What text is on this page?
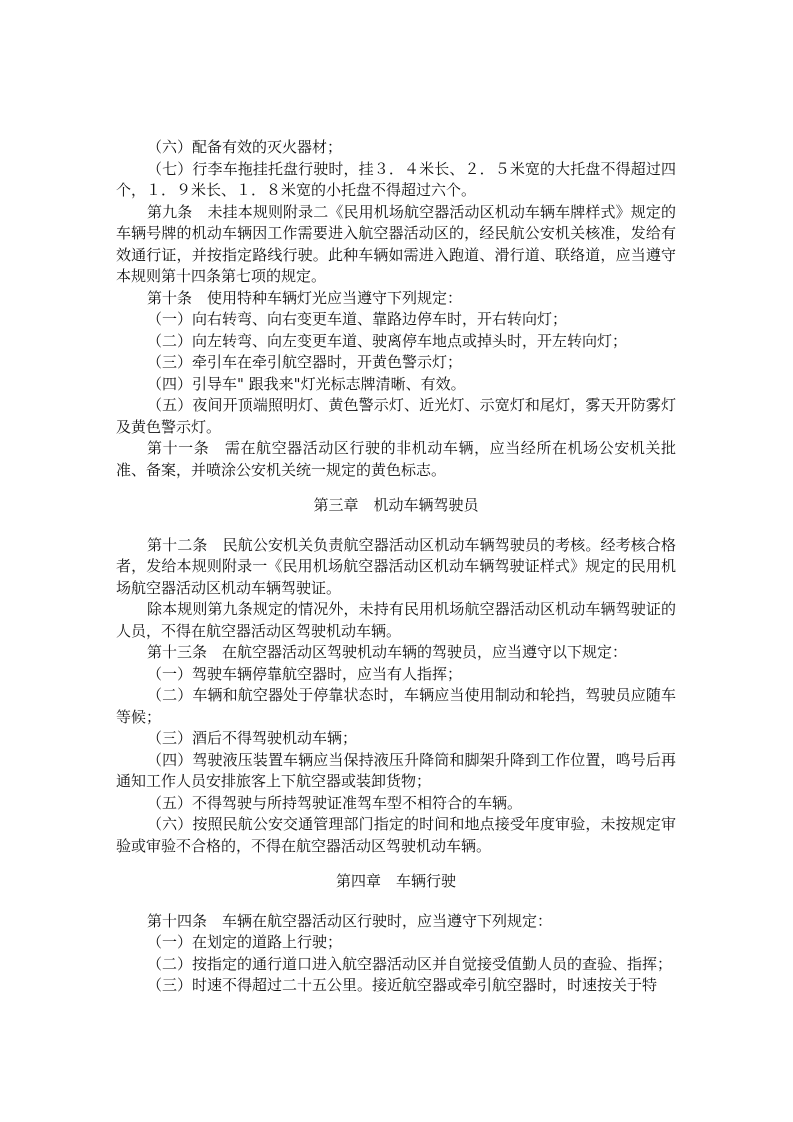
（六）配备有效的灭火器材；

（七）行李车拖挂托盘行驶时，挂３．４米长、２．５米宽的大托盘不得超过四个，１．９米长、１．８米宽的小托盘不得超过六个。

第九条　未挂本规则附录二《民用机场航空器活动区机动车辆车牌样式》规定的车辆号牌的机动车辆因工作需要进入航空器活动区的，经民航公安机关核准，发给有效通行证，并按指定路线行驶。此种车辆如需进入跑道、滑行道、联络道，应当遵守本规则第十四条第七项的规定。

第十条　使用特种车辆灯光应当遵守下列规定：

（一）向右转弯、向右变更车道、靠路边停车时，开右转向灯；

（二）向左转弯、向左变更车道、驶离停车地点或掉头时，开左转向灯；

（三）牵引车在牵引航空器时，开黄色警示灯；

（四）引导车" 跟我来"灯光标志牌清晰、有效。

（五）夜间开顶端照明灯、黄色警示灯、近光灯、示宽灯和尾灯，雾天开防雾灯及黄色警示灯。

第十一条　需在航空器活动区行驶的非机动车辆，应当经所在机场公安机关批准、备案，并喷涂公安机关统一规定的黄色标志。

第三章　机动车辆驾驶员

第十二条　民航公安机关负责航空器活动区机动车辆驾驶员的考核。经考核合格者，发给本规则附录一《民用机场航空器活动区机动车辆驾驶证样式》规定的民用机场航空器活动区机动车辆驾驶证。

除本规则第九条规定的情况外，未持有民用机场航空器活动区机动车辆驾驶证的人员，不得在航空器活动区驾驶机动车辆。

第十三条　在航空器活动区驾驶机动车辆的驾驶员，应当遵守以下规定：

（一）驾驶车辆停靠航空器时，应当有人指挥；

（二）车辆和航空器处于停靠状态时，车辆应当使用制动和轮挡，驾驶员应随车等候；

（三）酒后不得驾驶机动车辆；

（四）驾驶液压装置车辆应当保持液压升降筒和脚架升降到工作位置，鸣号后再通知工作人员安排旅客上下航空器或装卸货物；

（五）不得驾驶与所持驾驶证准驾车型不相符合的车辆。

（六）按照民航公安交通管理部门指定的时间和地点接受年度审验，未按规定审验或审验不合格的，不得在航空器活动区驾驶机动车辆。

第四章　车辆行驶

第十四条　车辆在航空器活动区行驶时，应当遵守下列规定：

（一）在划定的道路上行驶；

（二）按指定的通行道口进入航空器活动区并自觉接受值勤人员的查验、指挥；

（三）时速不得超过二十五公里。接近航空器或牵引航空器时，时速按关于特
